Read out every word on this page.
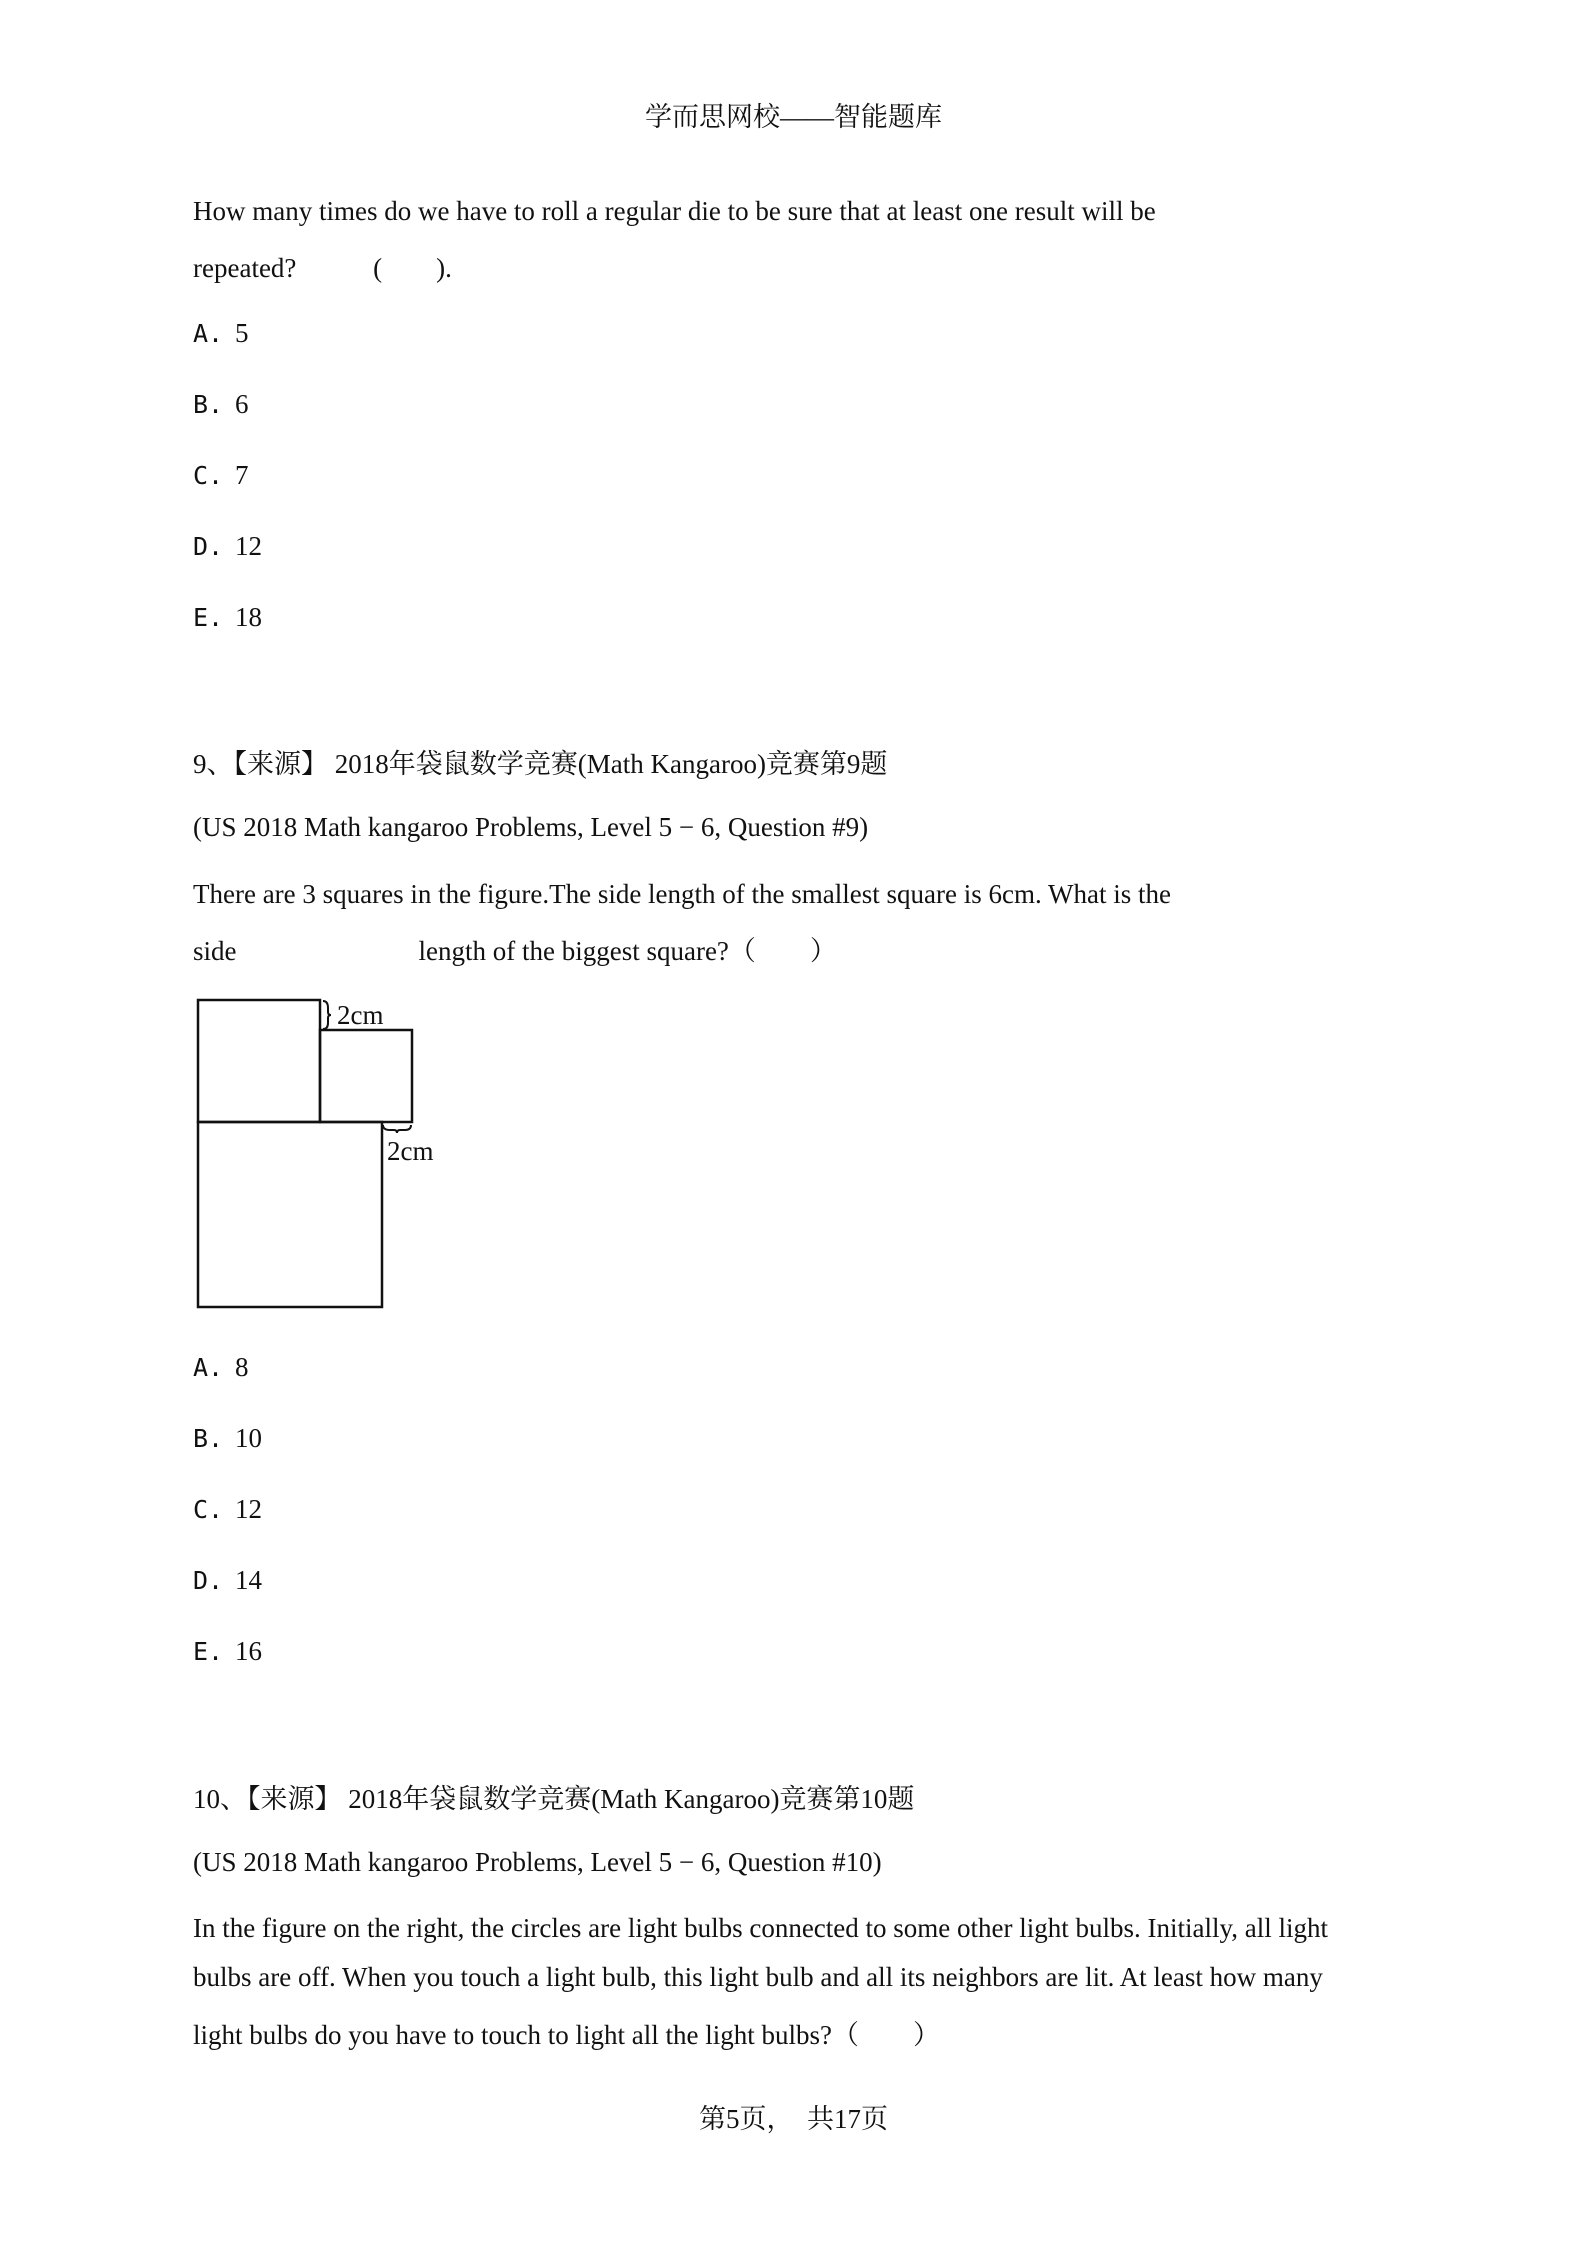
学而思网校——智能题库
How many times do we have to roll a regular die to be sure that at least one result will be
repeated?	(　　).
A. 5
B. 6
C. 7
D. 12
E. 18
9、【来源】 2018年袋鼠数学竞赛(Math Kangaroo)竞赛第9题
(US 2018 Math kangaroo Problems, Level 5 − 6, Question #9)
There are 3 squares in the figure.The side length of the smallest square is 6cm. What is the
side	length of the biggest square?（　　）
2cm
2cm
A. 8
B. 10
C. 12
D. 14
E. 16
10、【来源】 2018年袋鼠数学竞赛(Math Kangaroo)竞赛第10题
(US 2018 Math kangaroo Problems, Level 5 − 6, Question #10)
In the figure on the right, the circles are light bulbs connected to some other light bulbs. Initially, all light
bulbs are off. When you touch a light bulb, this light bulb and all its neighbors are lit. At least how many
light bulbs do you have to touch to light all the light bulbs?（　　）
第5页，　共17页
